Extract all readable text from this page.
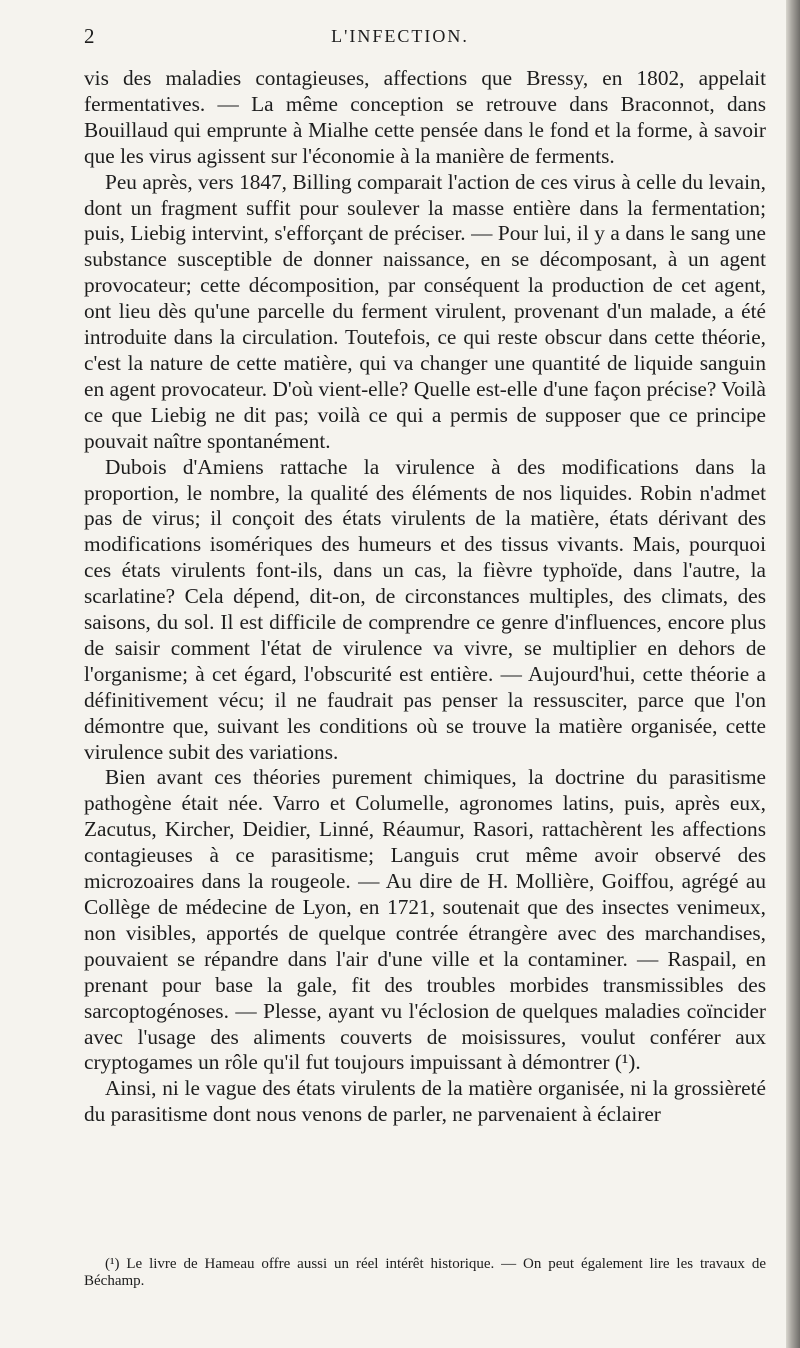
2	L'INFECTION.

vis des maladies contagieuses, affections que Bressy, en 1802, appelait fermentatives. — La même conception se retrouve dans Braconnot, dans Bouillaud qui emprunte à Mialhe cette pensée dans le fond et la forme, à savoir que les virus agissent sur l'économie à la manière de ferments.

Peu après, vers 1847, Billing comparait l'action de ces virus à celle du levain, dont un fragment suffit pour soulever la masse entière dans la fermentation; puis, Liebig intervint, s'efforçant de préciser. — Pour lui, il y a dans le sang une substance susceptible de donner naissance, en se décomposant, à un agent provocateur; cette décomposition, par conséquent la production de cet agent, ont lieu dès qu'une parcelle du ferment virulent, provenant d'un malade, a été introduite dans la circulation. Toutefois, ce qui reste obscur dans cette théorie, c'est la nature de cette matière, qui va changer une quantité de liquide sanguin en agent provocateur. D'où vient-elle? Quelle est-elle d'une façon précise? Voilà ce que Liebig ne dit pas; voilà ce qui a permis de supposer que ce principe pouvait naître spontanément.

Dubois d'Amiens rattache la virulence à des modifications dans la proportion, le nombre, la qualité des éléments de nos liquides. Robin n'admet pas de virus; il conçoit des états virulents de la matière, états dérivant des modifications isomériques des humeurs et des tissus vivants. Mais, pourquoi ces états virulents font-ils, dans un cas, la fièvre typhoïde, dans l'autre, la scarlatine? Cela dépend, dit-on, de circonstances multiples, des climats, des saisons, du sol. Il est difficile de comprendre ce genre d'influences, encore plus de saisir comment l'état de virulence va vivre, se multiplier en dehors de l'organisme; à cet égard, l'obscurité est entière. — Aujourd'hui, cette théorie a définitivement vécu; il ne faudrait pas penser la ressusciter, parce que l'on démontre que, suivant les conditions où se trouve la matière organisée, cette virulence subit des variations.

Bien avant ces théories purement chimiques, la doctrine du parasitisme pathogène était née. Varro et Columelle, agronomes latins, puis, après eux, Zacutus, Kircher, Deidier, Linné, Réaumur, Rasori, rattachèrent les affections contagieuses à ce parasitisme; Languis crut même avoir observé des microzoaires dans la rougeole. — Au dire de H. Mollière, Goiffou, agrégé au Collège de médecine de Lyon, en 1721, soutenait que des insectes venimeux, non visibles, apportés de quelque contrée étrangère avec des marchandises, pouvaient se répandre dans l'air d'une ville et la contaminer. — Raspail, en prenant pour base la gale, fit des troubles morbides transmissibles des sarcoptogénoses. — Plesse, ayant vu l'éclosion de quelques maladies coïncider avec l'usage des aliments couverts de moisissures, voulut conférer aux cryptogames un rôle qu'il fut toujours impuissant à démontrer (¹).

Ainsi, ni le vague des états virulents de la matière organisée, ni la grossièreté du parasitisme dont nous venons de parler, ne parvenaient à éclairer

(¹) Le livre de Hameau offre aussi un réel intérêt historique. — On peut également lire les travaux de Béchamp.
